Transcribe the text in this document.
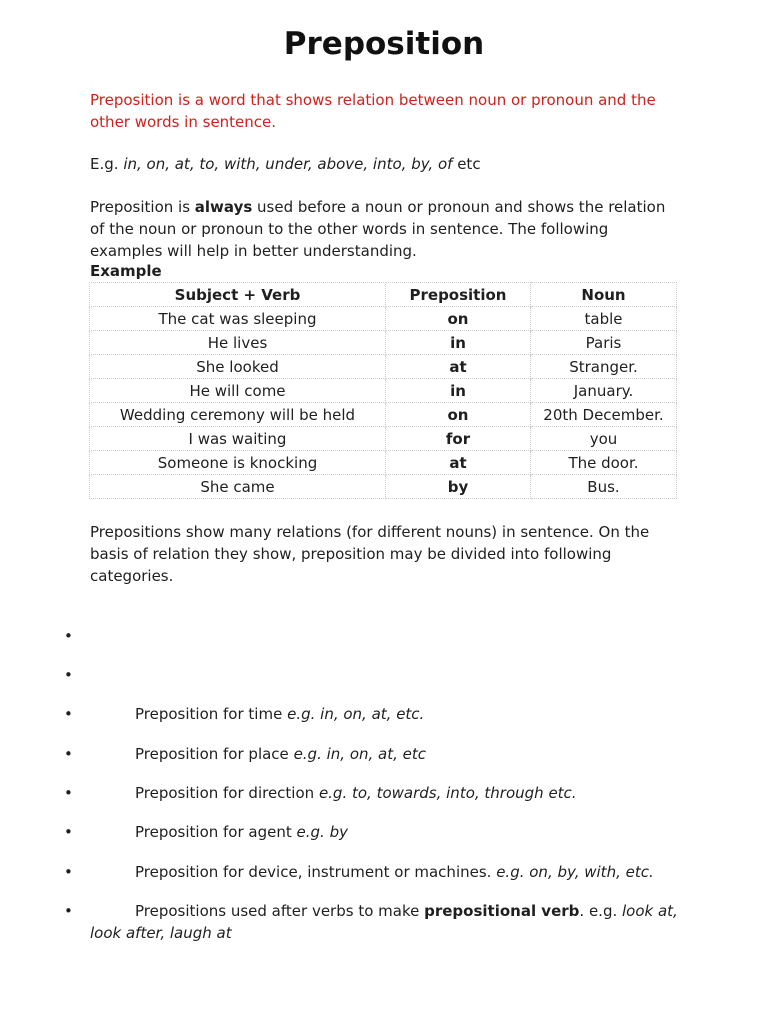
Preposition

Preposition is a word that shows relation between noun or pronoun and the other words in sentence.

E.g. in, on, at, to, with, under, above, into, by, of etc

Preposition is always used before a noun or pronoun and shows the relation of the noun or pronoun to the other words in sentence. The following examples will help in better understanding.

Example

Subject + Verb	Preposition	Noun
The cat was sleeping	on	table
He lives	in	Paris
She looked	at	Stranger.
He will come	in	January.
Wedding ceremony will be held	on	20th December.
I was waiting	for	you
Someone is knocking	at	The door.
She came	by	Bus.

Prepositions show many relations (for different nouns) in sentence. On the basis of relation they show, preposition may be divided into following categories.

•
•
•	Preposition for time e.g. in, on, at, etc.
•	Preposition for place e.g. in, on, at, etc
•	Preposition for direction e.g. to, towards, into, through etc.
•	Preposition for agent e.g. by
•	Preposition for device, instrument or machines. e.g. on, by, with, etc.
•	Prepositions used after verbs to make prepositional verb. e.g. look at, look after, laugh at
